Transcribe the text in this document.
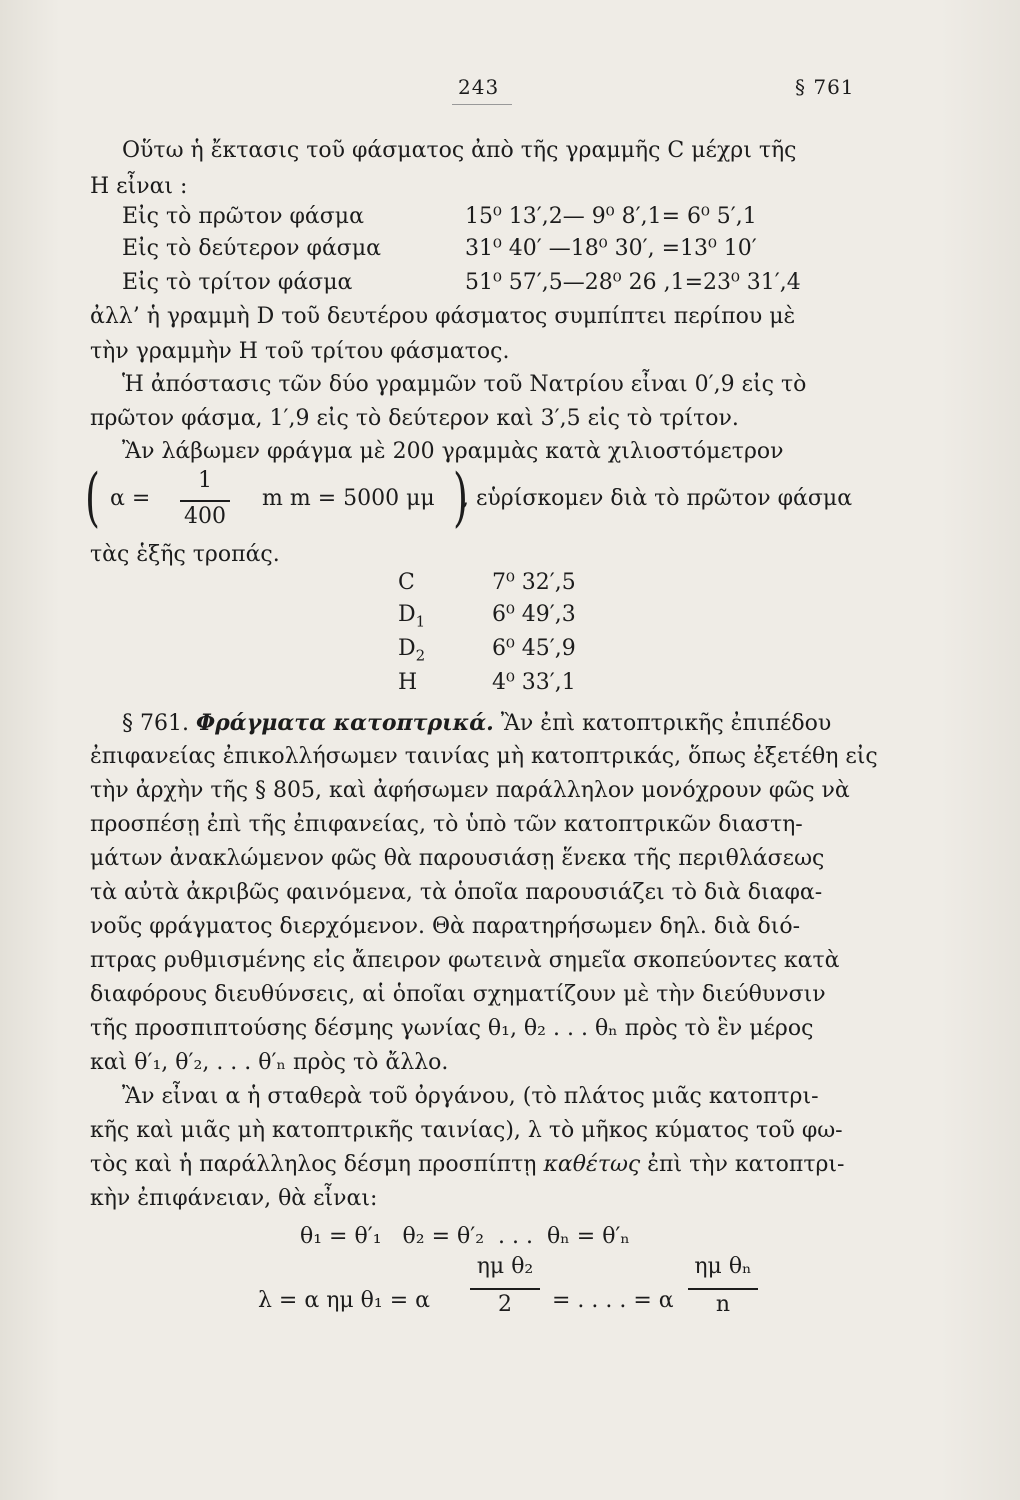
243	§ 761
Οὕτω ἡ ἔκτασις τοῦ φάσματος ἀπὸ τῆς γραμμῆς C μέχρι τῆς
H εἶναι :
Εἰς τὸ πρῶτον φάσμα	15⁰ 13′,2— 9⁰ 8′,1= 6⁰ 5′,1
Εἰς τὸ δεύτερον φάσμα	31⁰ 40′ —18⁰ 30′, =13⁰ 10′
Εἰς τὸ τρίτον φάσμα	51⁰ 57′,5—28⁰ 26 ,1=23⁰ 31′,4
ἀλλ’ ἡ γραμμὴ D τοῦ δευτέρου φάσματος συμπίπτει περίπου μὲ
τὴν γραμμὴν H τοῦ τρίτου φάσματος.
Ἡ ἀπόστασις τῶν δύο γραμμῶν τοῦ Νατρίου εἶναι 0′,9 εἰς τὸ
πρῶτον φάσμα, 1′,9 εἰς τὸ δεύτερον καὶ 3′,5 εἰς τὸ τρίτον.
Ἂν λάβωμεν φράγμα μὲ 200 γραμμὰς κατὰ χιλιοστόμετρον
( α =
1
400
m m = 5000 μμ )
, εὑρίσκομεν διὰ τὸ πρῶτον φάσμα
τὰς ἑξῆς τροπάς.
C	7⁰ 32′,5
$D_1$	6⁰ 49′,3
$D_2$	6⁰ 45′,9
H	4⁰ 33′,1
§ 761. Φράγματα κατοπτρικά. Ἂν ἐπὶ κατοπτρικῆς ἐπιπέδου
ἐπιφανείας ἐπικολλήσωμεν ταινίας μὴ κατοπτρικάς, ὅπως ἐξετέθη εἰς
τὴν ἀρχὴν τῆς § 805, καὶ ἀφήσωμεν παράλληλον μονόχρουν φῶς νὰ
προσπέσῃ ἐπὶ τῆς ἐπιφανείας, τὸ ὑπὸ τῶν κατοπτρικῶν διαστη-
μάτων ἀνακλώμενον φῶς θὰ παρουσιάσῃ ἕνεκα τῆς περιθλάσεως
τὰ αὐτὰ ἀκριβῶς φαινόμενα, τὰ ὁποῖα παρουσιάζει τὸ διὰ διαφα-
νοῦς φράγματος διερχόμενον. Θὰ παρατηρήσωμεν δηλ. διὰ διό-
πτρας ρυθμισμένης εἰς ἄπειρον φωτεινὰ σημεῖα σκοπεύοντες κατὰ
διαφόρους διευθύνσεις, αἱ ὁποῖαι σχηματίζουν μὲ τὴν διεύθυνσιν
τῆς προσπιπτούσης δέσμης γωνίας θ₁, θ₂ . . . θₙ πρὸς τὸ ἓν μέρος
καὶ θ′₁, θ′₂, . . . θ′ₙ πρὸς τὸ ἄλλο.
Ἂν εἶναι α ἡ σταθερὰ τοῦ ὀργάνου, (τὸ πλάτος μιᾶς κατοπτρι-
κῆς καὶ μιᾶς μὴ κατοπτρικῆς ταινίας), λ τὸ μῆκος κύματος τοῦ φω-
τὸς καὶ ἡ παράλληλος δέσμη προσπίπτῃ καθέτως ἐπὶ τὴν κατοπτρι-
κὴν ἐπιφάνειαν, θὰ εἶναι:
θ₁ = θ′₁   θ₂ = θ′₂  . . .  θₙ = θ′ₙ
λ = α ημ θ₁ = α
ημ θ₂
2	= . . . . = α
ημ θₙ
n
